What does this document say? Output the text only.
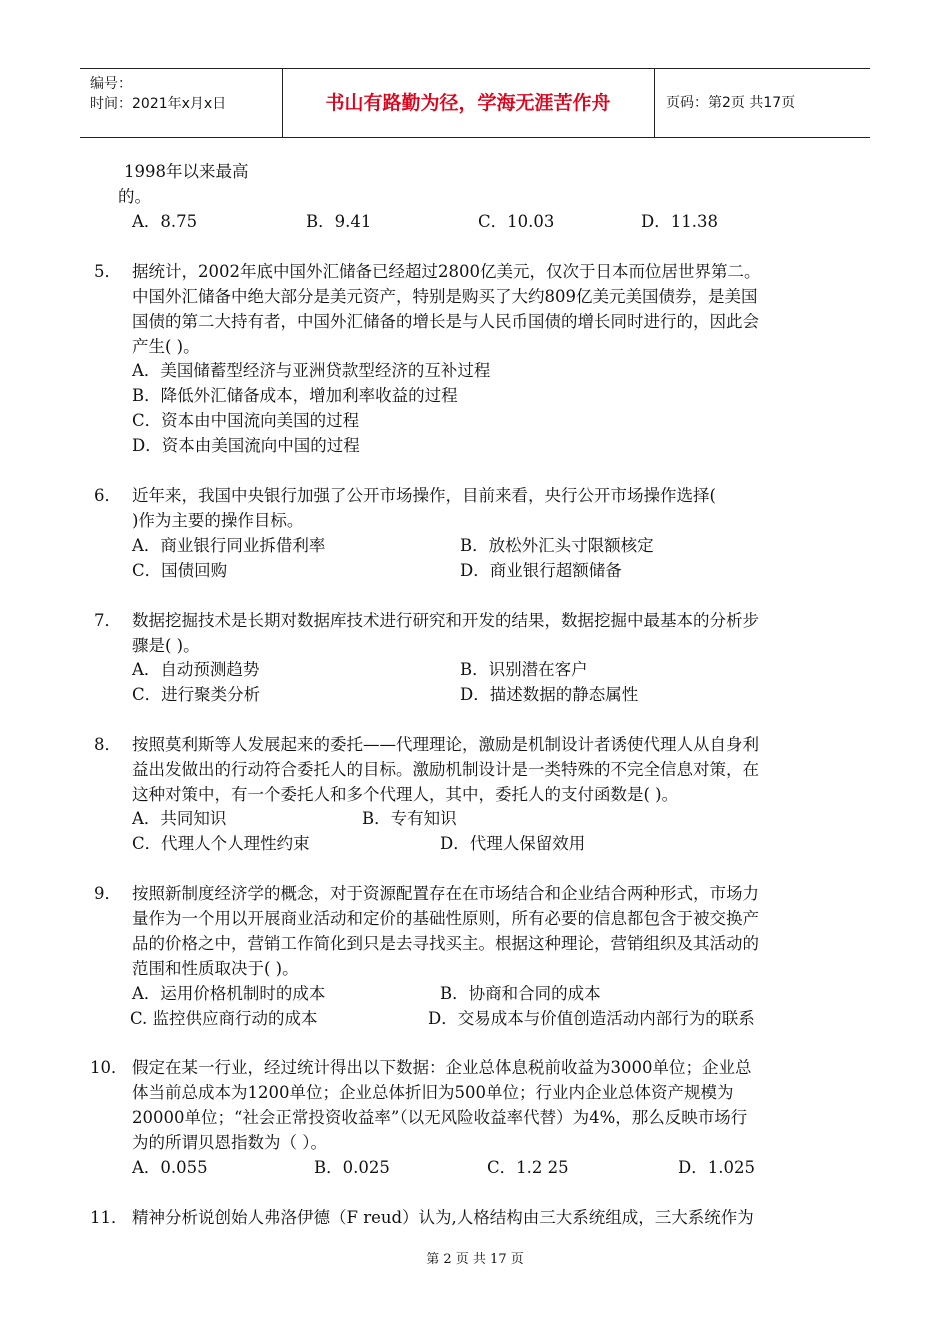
编号：
时间：2021年x月x日	书山有路勤为径，学海无涯苦作舟	页码：第2页 共17页
1998年以来最高
的。
A．8.75	B．9.41	C．10.03	D．11.38
5． 据统计，2002年底中国外汇储备已经超过2800亿美元，仅次于日本而位居世界第二。
中国外汇储备中绝大部分是美元资产，特别是购买了大约809亿美元美国债券，是美国
国债的第二大持有者，中国外汇储备的增长是与人民币国债的增长同时进行的，因此会
产生( )。
A．美国储蓄型经济与亚洲贷款型经济的互补过程
B．降低外汇储备成本，增加利率收益的过程
C．资本由中国流向美国的过程
D．资本由美国流向中国的过程
6． 近年来，我国中央银行加强了公开市场操作，目前来看，央行公开市场操作选择(
)作为主要的操作目标。
A．商业银行同业拆借利率	B．放松外汇头寸限额核定
C．国债回购	D．商业银行超额储备
7． 数据挖掘技术是长期对数据库技术进行研究和开发的结果，数据挖掘中最基本的分析步
骤是( )。
A．自动预测趋势	B．识别潜在客户
C．进行聚类分析	D．描述数据的静态属性
8． 按照莫利斯等人发展起来的委托——代理理论，激励是机制设计者诱使代理人从自身利
益出发做出的行动符合委托人的目标。激励机制设计是一类特殊的不完全信息对策，在
这种对策中，有一个委托人和多个代理人，其中，委托人的支付函数是( )。
A．共同知识	B．专有知识
C．代理人个人理性约束	D．代理人保留效用
9． 按照新制度经济学的概念，对于资源配置存在在市场结合和企业结合两种形式，市场力
量作为一个用以开展商业活动和定价的基础性原则，所有必要的信息都包含于被交换产
品的价格之中，营销工作简化到只是去寻找买主。根据这种理论，营销组织及其活动的
范围和性质取决于( )。
A．运用价格机制时的成本	B．协商和合同的成本
C. 监控供应商行动的成本	D．交易成本与价值创造活动内部行为的联系
10． 假定在某一行业，经过统计得出以下数据：企业总体息税前收益为3000单位；企业总
体当前总成本为1200单位；企业总体折旧为500单位；行业内企业总体资产规模为
20000单位；“社会正常投资收益率”（以无风险收益率代替）为4%，那么反映市场行
为的所谓贝恩指数为（ ）。
A．0.055	B．0.025	C．1.2 25	D．1.025
11． 精神分析说创始人弗洛伊德（F reud）认为,人格结构由三大系统组成，三大系统作为
第 2 页 共 17 页
